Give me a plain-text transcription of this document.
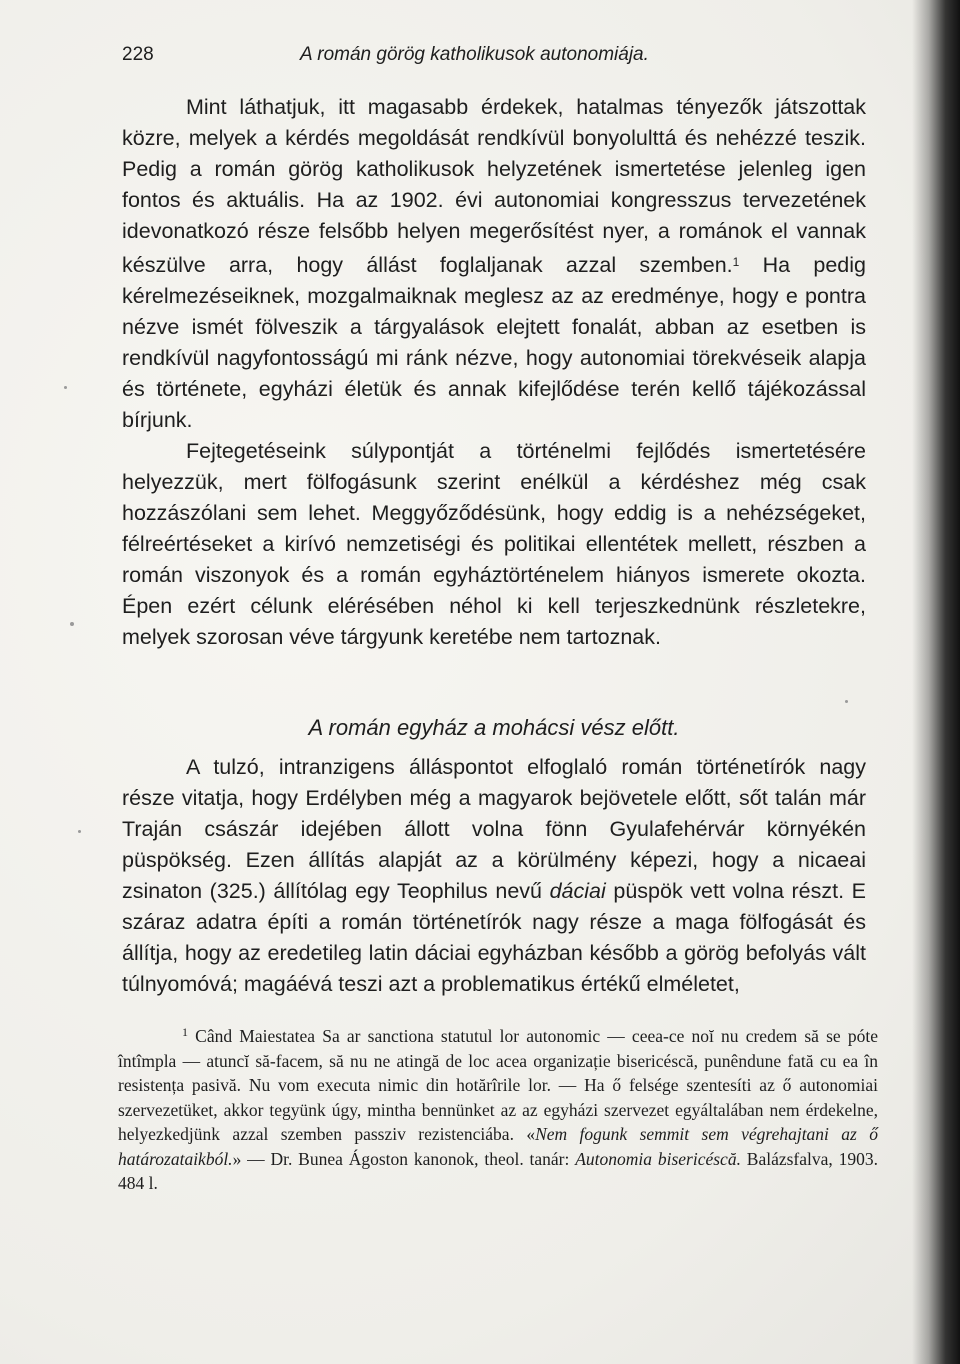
228	A román görög katholikusok autonomiája.

Mint láthatjuk, itt magasabb érdekek, hatalmas tényezők játszottak közre, melyek a kérdés megoldását rendkívül bonyolulttá és nehézzé teszik. Pedig a román görög katholikusok helyzetének ismertetése jelenleg igen fontos és aktuális. Ha az 1902. évi autonomiai kongresszus tervezetének idevonatkozó része felsőbb helyen megerősítést nyer, a románok el vannak készülve arra, hogy állást foglaljanak azzal szemben.$^1$ Ha pedig kérelmezéseiknek, mozgalmaiknak meglesz az az eredménye, hogy e pontra nézve ismét fölveszik a tárgyalások elejtett fonalát, abban az esetben is rendkívül nagyfontosságú mi ránk nézve, hogy autonomiai törekvéseik alapja és története, egyházi életük és annak kifejlődése terén kellő tájékozással bírjunk.

Fejtegetéseink súlypontját a történelmi fejlődés ismertetésére helyezzük, mert fölfogásunk szerint enélkül a kérdéshez még csak hozzászólani sem lehet. Meggyőződésünk, hogy eddig is a nehézségeket, félreértéseket a kirívó nemzetiségi és politikai ellentétek mellett, részben a román viszonyok és a román egyháztörténelem hiányos ismerete okozta. Épen ezért célunk elérésében néhol ki kell terjeszkednünk részletekre, melyek szorosan véve tárgyunk keretébe nem tartoznak.

A román egyház a mohácsi vész előtt.

A tulzó, intranzigens álláspontot elfoglaló román történetírók nagy része vitatja, hogy Erdélyben még a magyarok bejövetele előtt, sőt talán már Traján császár idejében állott volna fönn Gyulafehérvár környékén püspökség. Ezen állítás alapját az a körülmény képezi, hogy a nicaeai zsinaton (325.) állítólag egy Teophilus nevű dáciai püspök vett volna részt. E száraz adatra építi a román történetírók nagy része a maga fölfogását és állítja, hogy az eredetileg latin dáciai egyházban később a görög befolyás vált túlnyomóvá; magáévá teszi azt a problematikus értékű elméletet,

$^1$ Când Maiestatea Sa ar sanctiona statutul lor autonomic — ceea-ce noĭ nu credem să se pótе întîmpla — atuncĭ să-facem, să nu ne atingă de loc acea organizație bisericéscă, punêndune fată cu ea în resistența pasivă. Nu vom executa nimic din hotărîrile lor. — Ha ő felsége szentesíti az ő autonomiai szervezetüket, akkor tegyünk úgy, mintha bennünket az az egyházi szervezet egyáltalában nem érdekelne, helyezkedjünk azzal szemben passziv rezistenciába. «Nem fogunk semmit sem végrehajtani az ő határozataikból.» — Dr. Bunea Ágoston kanonok, theol. tanár: Autonomia bisericéscă. Balázsfalva, 1903. 484 l.
